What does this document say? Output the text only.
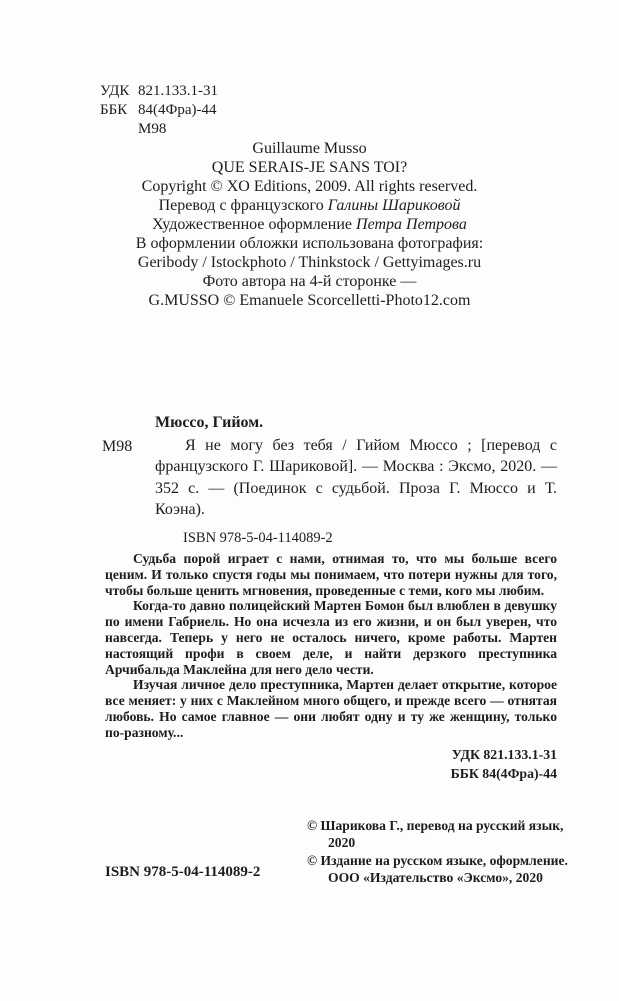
УДК 821.133.1-31
ББК 84(4Фра)-44
М98

Guillaume Musso

QUE SERAIS-JE SANS TOI?

Copyright © XO Editions, 2009. All rights reserved.

Перевод с французского Галины Шариковой

Художественное оформление Петра Петрова

В оформлении обложки использована фотография:

Geribody / Istockphoto / Thinkstock / Gettyimages.ru

Фото автора на 4-й сторонке —

G.MUSSO © Emanuele Scorcelletti-Photo12.com

Мюссо, Гийом.
М98	Я не могу без тебя / Гийом Мюссо ; [перевод с французского Г. Шариковой]. — Москва : Эксмо, 2020. — 352 с. — (Поединок с судьбой. Проза Г. Мюссо и Т. Коэна).

ISBN 978-5-04-114089-2

Судьба порой играет с нами, отнимая то, что мы больше всего ценим. И только спустя годы мы понимаем, что потери нужны для того, чтобы больше ценить мгновения, проведенные с теми, кого мы любим.

Когда-то давно полицейский Мартен Бомон был влюблен в девушку по имени Габриель. Но она исчезла из его жизни, и он был уверен, что навсегда. Теперь у него не осталось ничего, кроме работы. Мартен настоящий профи в своем деле, и найти дерзкого преступника Арчибальда Маклейна для него дело чести.

Изучая личное дело преступника, Мартен делает открытие, которое все меняет: у них с Маклейном много общего, и прежде всего — отнятая любовь. Но самое главное — они любят одну и ту же женщину, только по-разному...

УДК 821.133.1-31
ББК 84(4Фра)-44

© Шарикова Г., перевод на русский язык, 2020

© Издание на русском языке, оформление. ООО «Издательство «Эксмо», 2020

ISBN 978-5-04-114089-2
